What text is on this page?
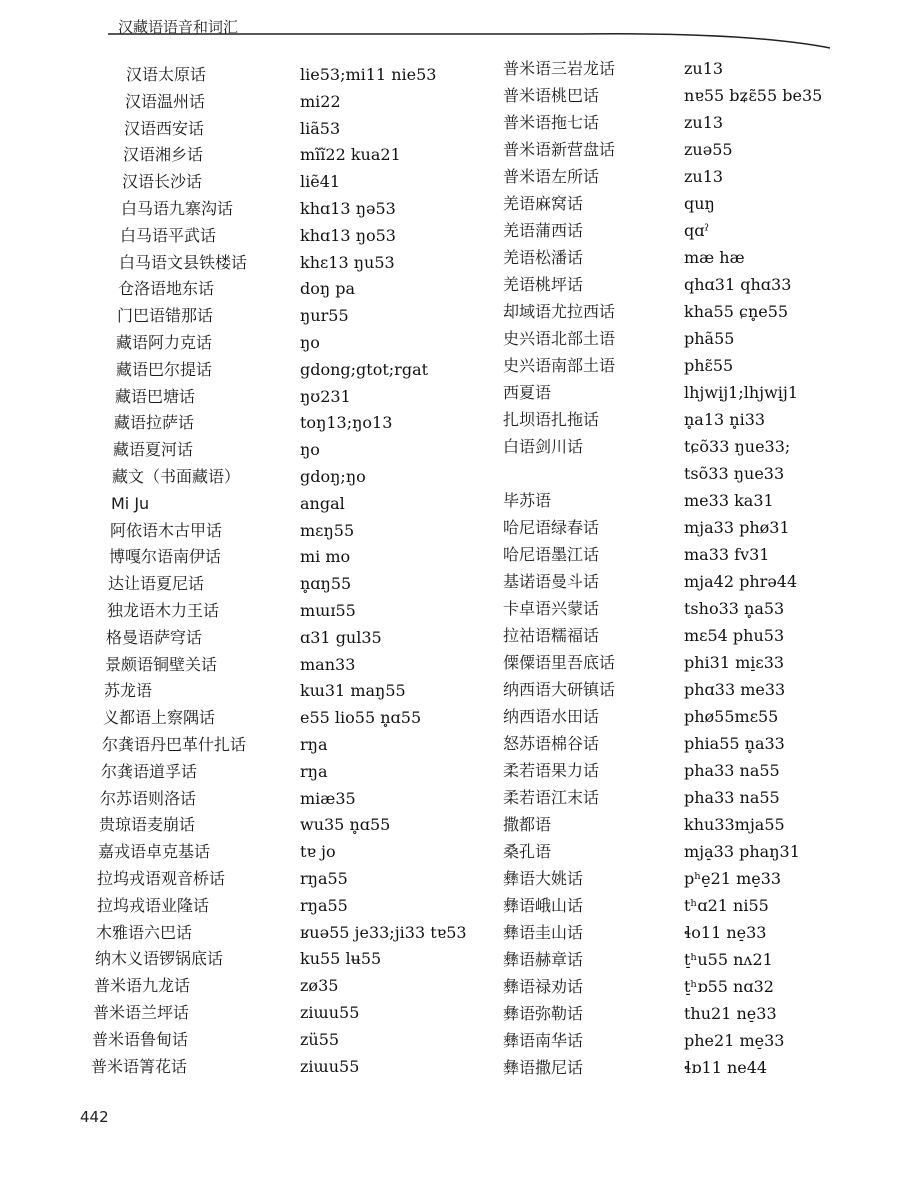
汉藏语语音和词汇
汉语太原话	lie53;mi11 nie53
汉语温州话	mi22
汉语西安话	liã53
汉语湘乡话	mĩĩ22 kua21
汉语长沙话	liẽ41
白马语九寨沟话	khɑ13 ŋə53
白马语平武话	khɑ13 ŋo53
白马语文县铁楼话	khɛ13 ŋu53
仓洛语地东话	doŋ pa
门巴语错那话	ŋur55
藏语阿力克话	ŋo
藏语巴尔提话	gdong;gtot;rgat
藏语巴塘话	ŋʊ231
藏语拉萨话	toŋ13;ŋo13
藏语夏河话	ŋo
藏文（书面藏语）	gdoŋ;ŋo
Mi Ju	angal
阿依语木古甲话	mɛŋ55
博嘎尔语南伊话	mi mo
达让语夏尼话	n̥ɑŋ55
独龙语木力王话	mɯɪ55
格曼语萨穹话	ɑ31 gul35
景颇语铜壁关话	man33
苏龙语	kɯ31 maŋ55
义都语上察隅话	e55 lio55 n̥ɑ55
尔龚语丹巴革什扎话	rŋa
尔龚语道孚话	rŋa
尔苏语则洛话	miæ35
贵琼语麦崩话	wu35 n̥ɑ55
嘉戎语卓克基话	tɐ jo
拉坞戎语观音桥话	rŋa55
拉坞戎语业隆话	rŋa55
木雅语六巴话	ʁuə55 je33;ji33 tɐ53
纳木义语锣锅底话	ku55 lʉ55
普米语九龙话	zø35
普米语兰坪话	ziɯu55
普米语鲁甸话	zü55
普米语箐花话	ziɯu55
普米语三岩龙话	zu13
普米语桃巴话	nɐ55 bʑɛ̃55 be35
普米语拖七话	zu13
普米语新营盘话	zuə55
普米语左所话	zu13
羌语麻窝话	quŋ
羌语蒲西话	qɑˀ
羌语松潘话	mæ hæ
羌语桃坪话	qhɑ31 qhɑ33
却域语尤拉西话	kha55 ɕn̥e55
史兴语北部土语	phã55
史兴语南部土语	phɛ̃55
西夏语	lhjwịj1;lhjwịj1
扎坝语扎拖话	n̥a13 n̥i33
白语剑川话	tɕõ33 ŋue33;
tsõ33 ŋue33
毕苏语	me33 ka31
哈尼语绿春话	mja33 phø31
哈尼语墨江话	ma33 fv31
基诺语曼斗话	mja42 phrə44
卡卓语兴蒙话	tsho33 n̥a53
拉祜语糯福话	mɛ54 phu53
傈僳语里吾底话	phi31 mi̠ɛ33
纳西语大研镇话	phɑ33 me33
纳西语水田话	phø55mɛ55
怒苏语棉谷话	phia55 n̥a33
柔若语果力话	pha33 na55
柔若语江末话	pha33 na55
撒都语	khu33mja55
桑孔语	mja̠33 phaŋ31
彝语大姚话	pʰe̠21 me̠33
彝语峨山话	tʰɑ21 ni55
彝语圭山话	ɬo11 ne̠33
彝语赫章话	t̠ʰu55 nʌ21
彝语禄劝话	t̠ʰɒ55 nɑ32
彝语弥勒话	thu21 ne̠33
彝语南华话	phe21 me̠33
彝语撒尼话	ɬɒ11 ne44
442
